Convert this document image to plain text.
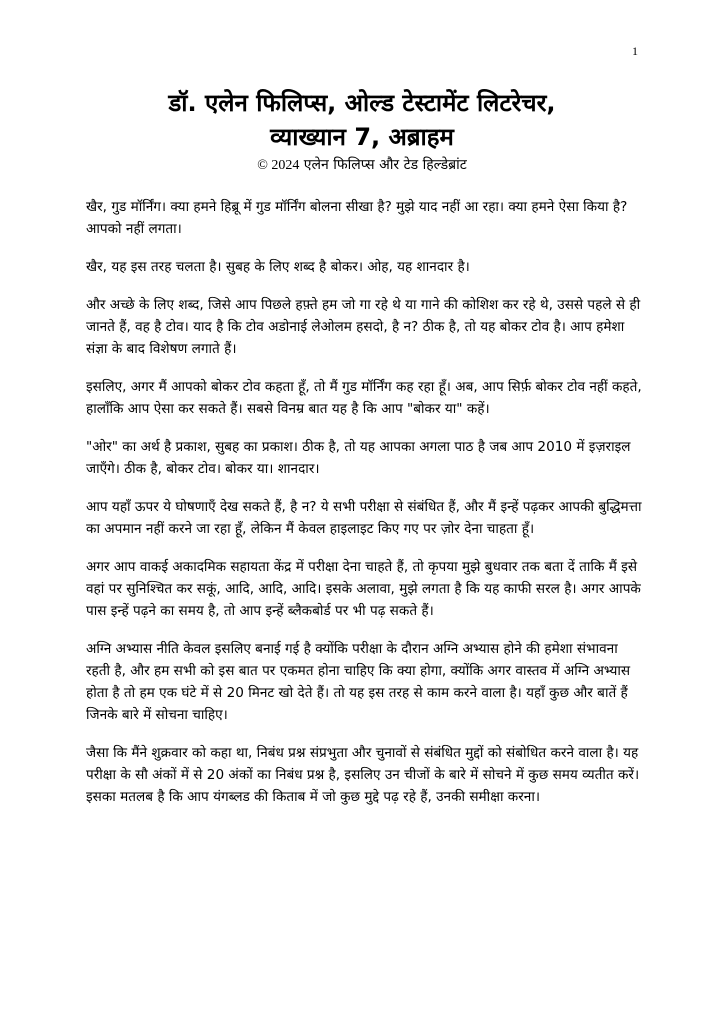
1
डॉ. एलेन फिलिप्स, ओल्ड टेस्टामेंट लिटरेचर,
व्याख्यान 7, अब्राहम
© 2024 एलेन फिलिप्स और टेड हिल्डेब्रांट

खैर, गुड मॉर्निंग। क्या हमने हिब्रू में गुड मॉर्निंग बोलना सीखा है? मुझे याद नहीं आ रहा। क्या हमने ऐसा किया है? आपको नहीं लगता।

खैर, यह इस तरह चलता है। सुबह के लिए शब्द है बोकर। ओह, यह शानदार है।

और अच्छे के लिए शब्द, जिसे आप पिछले हफ़्ते हम जो गा रहे थे या गाने की कोशिश कर रहे थे, उससे पहले से ही जानते हैं, वह है टोव। याद है कि टोव अडोनाई लेओलम हसदो, है न? ठीक है, तो यह बोकर टोव है। आप हमेशा संज्ञा के बाद विशेषण लगाते हैं।

इसलिए, अगर मैं आपको बोकर टोव कहता हूँ, तो मैं गुड मॉर्निंग कह रहा हूँ। अब, आप सिर्फ़ बोकर टोव नहीं कहते, हालाँकि आप ऐसा कर सकते हैं। सबसे विनम्र बात यह है कि आप "बोकर या" कहें।

"ओर" का अर्थ है प्रकाश, सुबह का प्रकाश। ठीक है, तो यह आपका अगला पाठ है जब आप 2010 में इज़राइल जाएँगे। ठीक है, बोकर टोव। बोकर या। शानदार।

आप यहाँ ऊपर ये घोषणाएँ देख सकते हैं, है न? ये सभी परीक्षा से संबंधित हैं, और मैं इन्हें पढ़कर आपकी बुद्धिमत्ता का अपमान नहीं करने जा रहा हूँ, लेकिन मैं केवल हाइलाइट किए गए पर ज़ोर देना चाहता हूँ।

अगर आप वाकई अकादमिक सहायता केंद्र में परीक्षा देना चाहते हैं, तो कृपया मुझे बुधवार तक बता दें ताकि मैं इसे वहां पर सुनिश्चित कर सकूं, आदि, आदि, आदि। इसके अलावा, मुझे लगता है कि यह काफी सरल है। अगर आपके पास इन्हें पढ़ने का समय है, तो आप इन्हें ब्लैकबोर्ड पर भी पढ़ सकते हैं।

अग्नि अभ्यास नीति केवल इसलिए बनाई गई है क्योंकि परीक्षा के दौरान अग्नि अभ्यास होने की हमेशा संभावना रहती है, और हम सभी को इस बात पर एकमत होना चाहिए कि क्या होगा, क्योंकि अगर वास्तव में अग्नि अभ्यास होता है तो हम एक घंटे में से 20 मिनट खो देते हैं। तो यह इस तरह से काम करने वाला है। यहाँ कुछ और बातें हैं जिनके बारे में सोचना चाहिए।

जैसा कि मैंने शुक्रवार को कहा था, निबंध प्रश्न संप्रभुता और चुनावों से संबंधित मुद्दों को संबोधित करने वाला है। यह परीक्षा के सौ अंकों में से 20 अंकों का निबंध प्रश्न है, इसलिए उन चीजों के बारे में सोचने में कुछ समय व्यतीत करें। इसका मतलब है कि आप यंगब्लड की किताब में जो कुछ मुद्दे पढ़ रहे हैं, उनकी समीक्षा करना।
